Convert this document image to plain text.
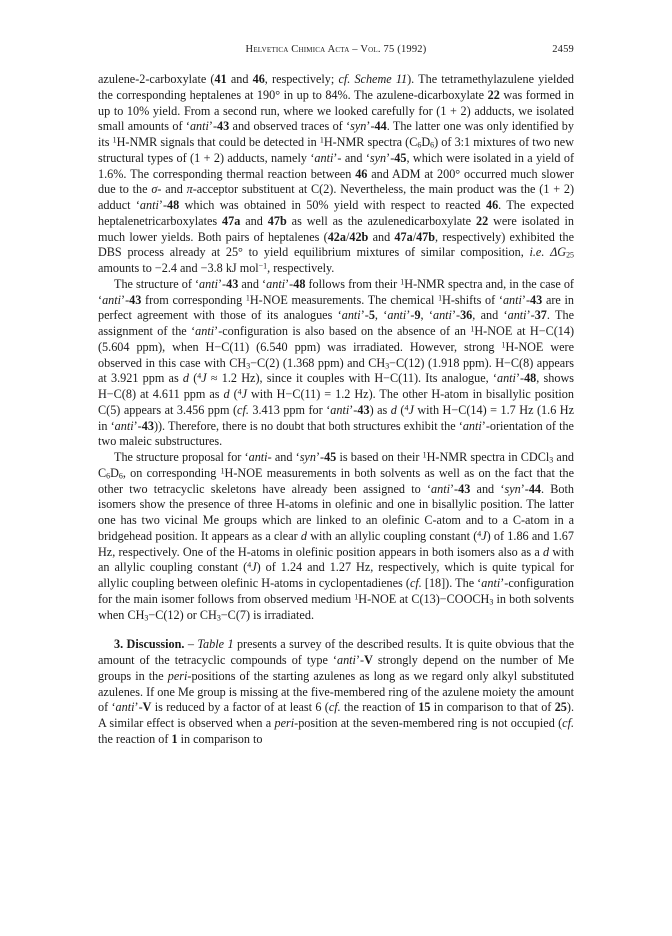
Helvetica Chimica Acta – Vol. 75 (1992)	2459

azulene-2-carboxylate (41 and 46, respectively; cf. Scheme 11). The tetramethylazulene yielded the corresponding heptalenes at 190° in up to 84%. The azulene-dicarboxylate 22 was formed in up to 10% yield. From a second run, where we looked carefully for (1 + 2) adducts, we isolated small amounts of ‘anti’-43 and observed traces of ‘syn’-44. The latter one was only identified by its $^1$H-NMR signals that could be detected in $^1$H-NMR spectra $(C_6D_6)$ of 3:1 mixtures of two new structural types of (1 + 2) adducts, namely ‘anti’- and ‘syn’-45, which were isolated in a yield of 1.6%. The corresponding thermal reaction between 46 and ADM at 200° occurred much slower due to the σ- and π-acceptor substituent at C(2). Nevertheless, the main product was the (1 + 2) adduct ‘anti’-48 which was obtained in 50% yield with respect to reacted 46. The expected heptalenetricarboxylates 47a and 47b as well as the azulenedicarboxylate 22 were isolated in much lower yields. Both pairs of heptalenes (42a/42b and 47a/47b, respectively) exhibited the DBS process already at 25° to yield equilibrium mixtures of similar composition, i.e. $\Delta G_{25}$ amounts to −2.4 and −3.8 kJ mol$^{-1}$, respectively.

The structure of ‘anti’-43 and ‘anti’-48 follows from their $^1$H-NMR spectra and, in the case of ‘anti’-43 from corresponding $^1$H-NOE measurements. The chemical $^1$H-shifts of ‘anti’-43 are in perfect agreement with those of its analogues ‘anti’-5, ‘anti’-9, ‘anti’-36, and ‘anti’-37. The assignment of the ‘anti’-configuration is also based on the absence of an $^1$H-NOE at H−C(14) (5.604 ppm), when H−C(11) (6.540 ppm) was irradiated. However, strong $^1$H-NOE were observed in this case with $CH_3-C(2)$ (1.368 ppm) and $CH_3-C(12)$ (1.918 ppm). H−C(8) appears at 3.921 ppm as d ($^4$J ≈ 1.2 Hz), since it couples with H−C(11). Its analogue, ‘anti’-48, shows H−C(8) at 4.611 ppm as d ($^4$J with H−C(11) = 1.2 Hz). The other H-atom in bisallylic position C(5) appears at 3.456 ppm (cf. 3.413 ppm for ‘anti’-43) as d ($^4$J with H−C(14) = 1.7 Hz (1.6 Hz in ‘anti’-43)). Therefore, there is no doubt that both structures exhibit the ‘anti’-orientation of the two maleic substructures.

The structure proposal for ‘anti- and ‘syn’-45 is based on their $^1$H-NMR spectra in CDCl$_3$ and $C_6D_6$, on corresponding $^1$H-NOE measurements in both solvents as well as on the fact that the other two tetracyclic skeletons have already been assigned to ‘anti’-43 and ‘syn’-44. Both isomers show the presence of three H-atoms in olefinic and one in bisallylic position. The latter one has two vicinal Me groups which are linked to an olefinic C-atom and to a C-atom in a bridgehead position. It appears as a clear d with an allylic coupling constant ($^4$J) of 1.86 and 1.67 Hz, respectively. One of the H-atoms in olefinic position appears in both isomers also as a d with an allylic coupling constant ($^4$J) of 1.24 and 1.27 Hz, respectively, which is quite typical for allylic coupling between olefinic H-atoms in cyclopentadienes (cf. [18]). The ‘anti’-configuration for the main isomer follows from observed medium $^1$H-NOE at $C(13)-COOCH_3$ in both solvents when $CH_3-C(12)$ or $CH_3-C(7)$ is irradiated.

3. Discussion. – Table 1 presents a survey of the described results. It is quite obvious that the amount of the tetracyclic compounds of type ‘anti’-V strongly depend on the number of Me groups in the peri-positions of the starting azulenes as long as we regard only alkyl substituted azulenes. If one Me group is missing at the five-membered ring of the azulene moiety the amount of ‘anti’-V is reduced by a factor of at least 6 (cf. the reaction of 15 in comparison to that of 25). A similar effect is observed when a peri-position at the seven-membered ring is not occupied (cf. the reaction of 1 in comparison to
